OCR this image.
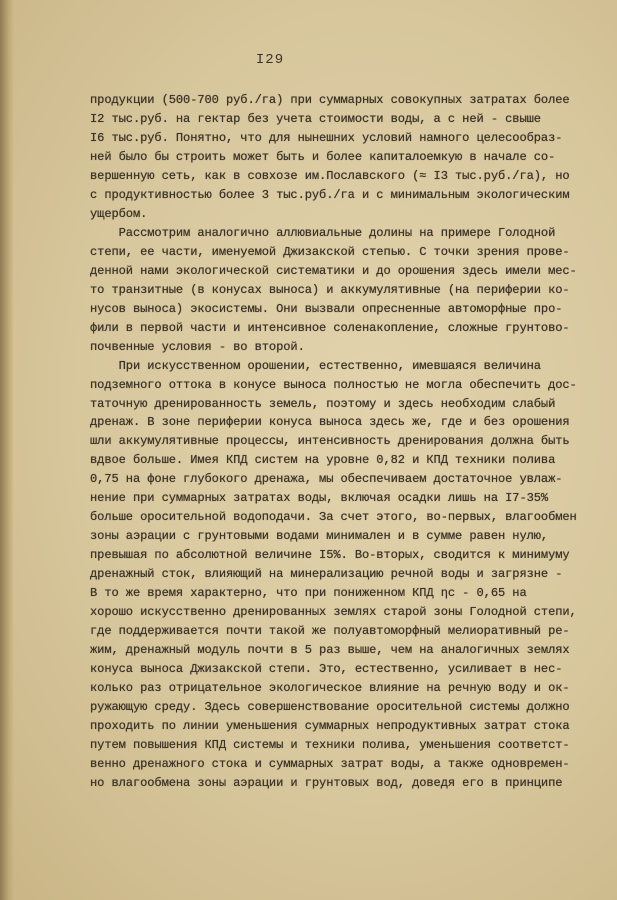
I29
продукции (500-700 руб./га) при суммарных совокупных затратах более
I2 тыс.руб. на гектар без учета стоимости воды, а с ней - свыше
I6 тыс.руб. Понятно, что для нынешних условий намного целесообраз-
ней было бы строить может быть и более капиталоемкую в начале со-
вершенную сеть, как в совхозе им.Пославского (≈ I3 тыс.руб./га), но
с продуктивностью более 3 тыс.руб./га и с минимальным экологическим
ущербом.
Рассмотрим аналогично аллювиальные долины на примере Голодной
степи, ее части, именуемой Джизакской степью. С точки зрения прове-
денной нами экологической систематики и до орошения здесь имели мес-
то транзитные (в конусах выноса) и аккумулятивные (на периферии ко-
нусов выноса) экосистемы. Они вызвали опресненные автоморфные про-
фили в первой части и интенсивное соленакопление, сложные грунтово-
почвенные условия - во второй.
При искусственном орошении, естественно, имевшаяся величина
подземного оттока в конусе выноса полностью не могла обеспечить дос-
таточную дренированность земель, поэтому и здесь необходим слабый
дренаж. В зоне периферии конуса выноса здесь же, где и без орошения
шли аккумулятивные процессы, интенсивность дренирования должна быть
вдвое больше. Имея КПД систем на уровне 0,82 и КПД техники полива
0,75 на фоне глубокого дренажа, мы обеспечиваем достаточное увлаж-
нение при суммарных затратах воды, включая осадки лишь на I7-35%
больше оросительной водоподачи. За счет этого, во-первых, влагообмен
зоны аэрации с грунтовыми водами минимален и в сумме равен нулю,
превышая по абсолютной величине I5%. Во-вторых, сводится к минимуму
дренажный сток, влияющий на минерализацию речной воды и загрязне -
В то же время характерно, что при пониженном КПД ηс - 0,65 на
хорошо искусственно дренированных землях старой зоны Голодной степи,
где поддерживается почти такой же полуавтоморфный мелиоративный ре-
жим, дренажный модуль почти в 5 раз выше, чем на аналогичных землях
конуса выноса Джизакской степи. Это, естественно, усиливает в нес-
колько раз отрицательное экологическое влияние на речную воду и ок-
ружающую среду. Здесь совершенствование оросительной системы должно
проходить по линии уменьшения суммарных непродуктивных затрат стока
путем повышения КПД системы и техники полива, уменьшения соответст-
венно дренажного стока и суммарных затрат воды, а также одновремен-
но влагообмена зоны аэрации и грунтовых вод, доведя его в принципе
